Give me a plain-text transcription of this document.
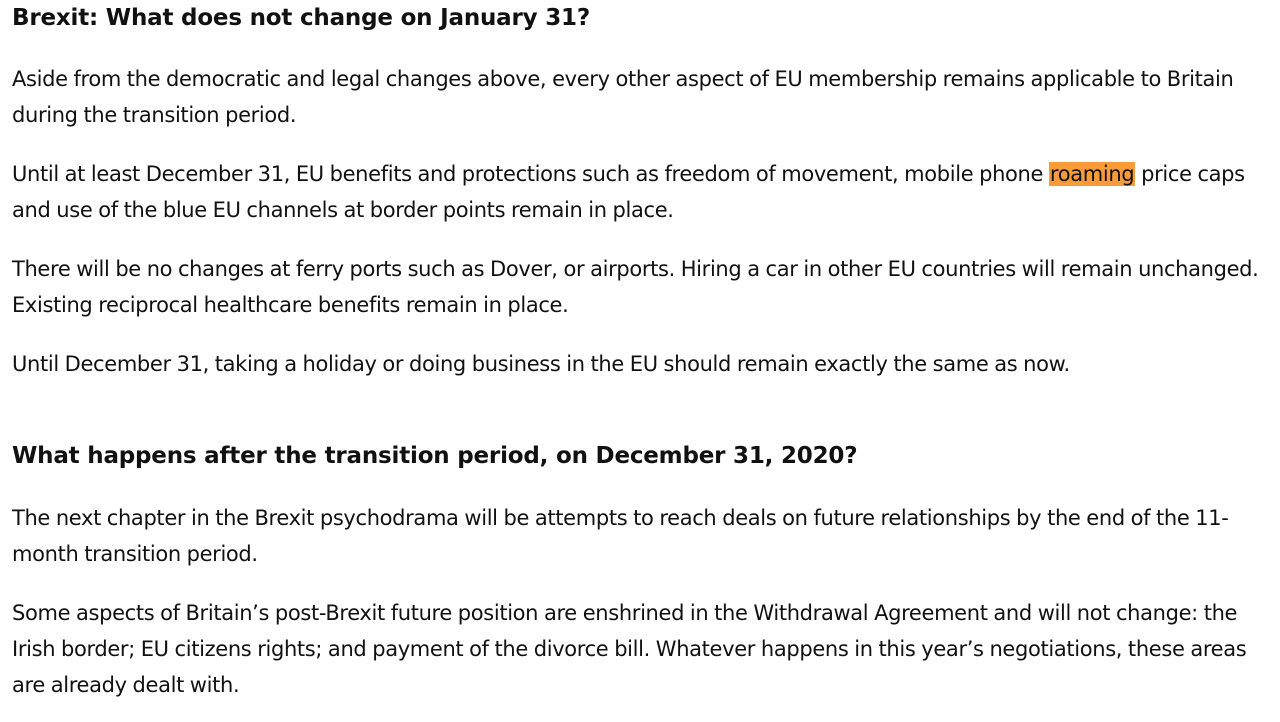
Brexit: What does not change on January 31?

Aside from the democratic and legal changes above, every other aspect of EU membership remains applicable to Britain during the transition period.

Until at least December 31, EU benefits and protections such as freedom of movement, mobile phone roaming price caps and use of the blue EU channels at border points remain in place.

There will be no changes at ferry ports such as Dover, or airports. Hiring a car in other EU countries will remain unchanged. Existing reciprocal healthcare benefits remain in place.

Until December 31, taking a holiday or doing business in the EU should remain exactly the same as now.

What happens after the transition period, on December 31, 2020?

The next chapter in the Brexit psychodrama will be attempts to reach deals on future relationships by the end of the 11-month transition period.

Some aspects of Britain’s post-Brexit future position are enshrined in the Withdrawal Agreement and will not change: the Irish border; EU citizens rights; and payment of the divorce bill. Whatever happens in this year’s negotiations, these areas are already dealt with.
